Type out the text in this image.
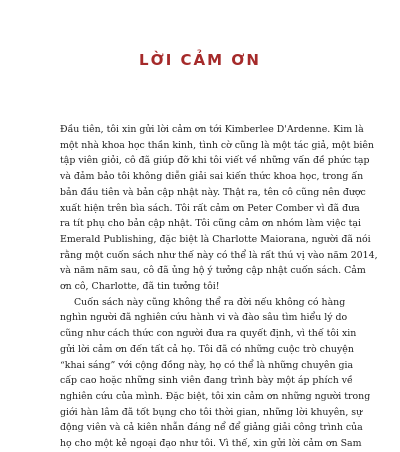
LỜI CẢM ƠN

Đầu tiên, tôi xin gửi lời cảm ơn tới Kimberlee D'Ardenne. Kim là
một nhà khoa học thần kinh, tình cờ cũng là một tác giả, một biên
tập viên giỏi, cô đã giúp đỡ khi tôi viết về những vấn đề phức tạp
và đảm bảo tôi không diễn giải sai kiến thức khoa học, trong ấn
bản đầu tiên và bản cập nhật này. Thật ra, tên cô cũng nên được
xuất hiện trên bìa sách. Tôi rất cảm ơn Peter Comber vì đã đưa
ra tít phụ cho bản cập nhật. Tôi cũng cảm ơn nhóm làm việc tại
Emerald Publishing, đặc biệt là Charlotte Maiorana, người đã nói
rằng một cuốn sách như thế này có thể là rất thú vị vào năm 2014,
và năm năm sau, cô đã ủng hộ ý tưởng cập nhật cuốn sách. Cảm
ơn cô, Charlotte, đã tin tưởng tôi!

Cuốn sách này cũng không thể ra đời nếu không có hàng
nghìn người đã nghiên cứu hành vi và đào sâu tìm hiểu lý do
cũng như cách thức con người đưa ra quyết định, vì thế tôi xin
gửi lời cảm ơn đến tất cả họ. Tôi đã có những cuộc trò chuyện
“khai sáng” với cộng đồng này, họ có thể là những chuyên gia
cấp cao hoặc những sinh viên đang trình bày một áp phích về
nghiên cứu của mình. Đặc biệt, tôi xin cảm ơn những người trong
giới hàn lâm đã tốt bụng cho tôi thời gian, những lời khuyên, sự
động viên và cả kiên nhẫn đáng nể để giảng giải công trình của
họ cho một kẻ ngoại đạo như tôi. Vì thế, xin gửi lời cảm ơn Sam
